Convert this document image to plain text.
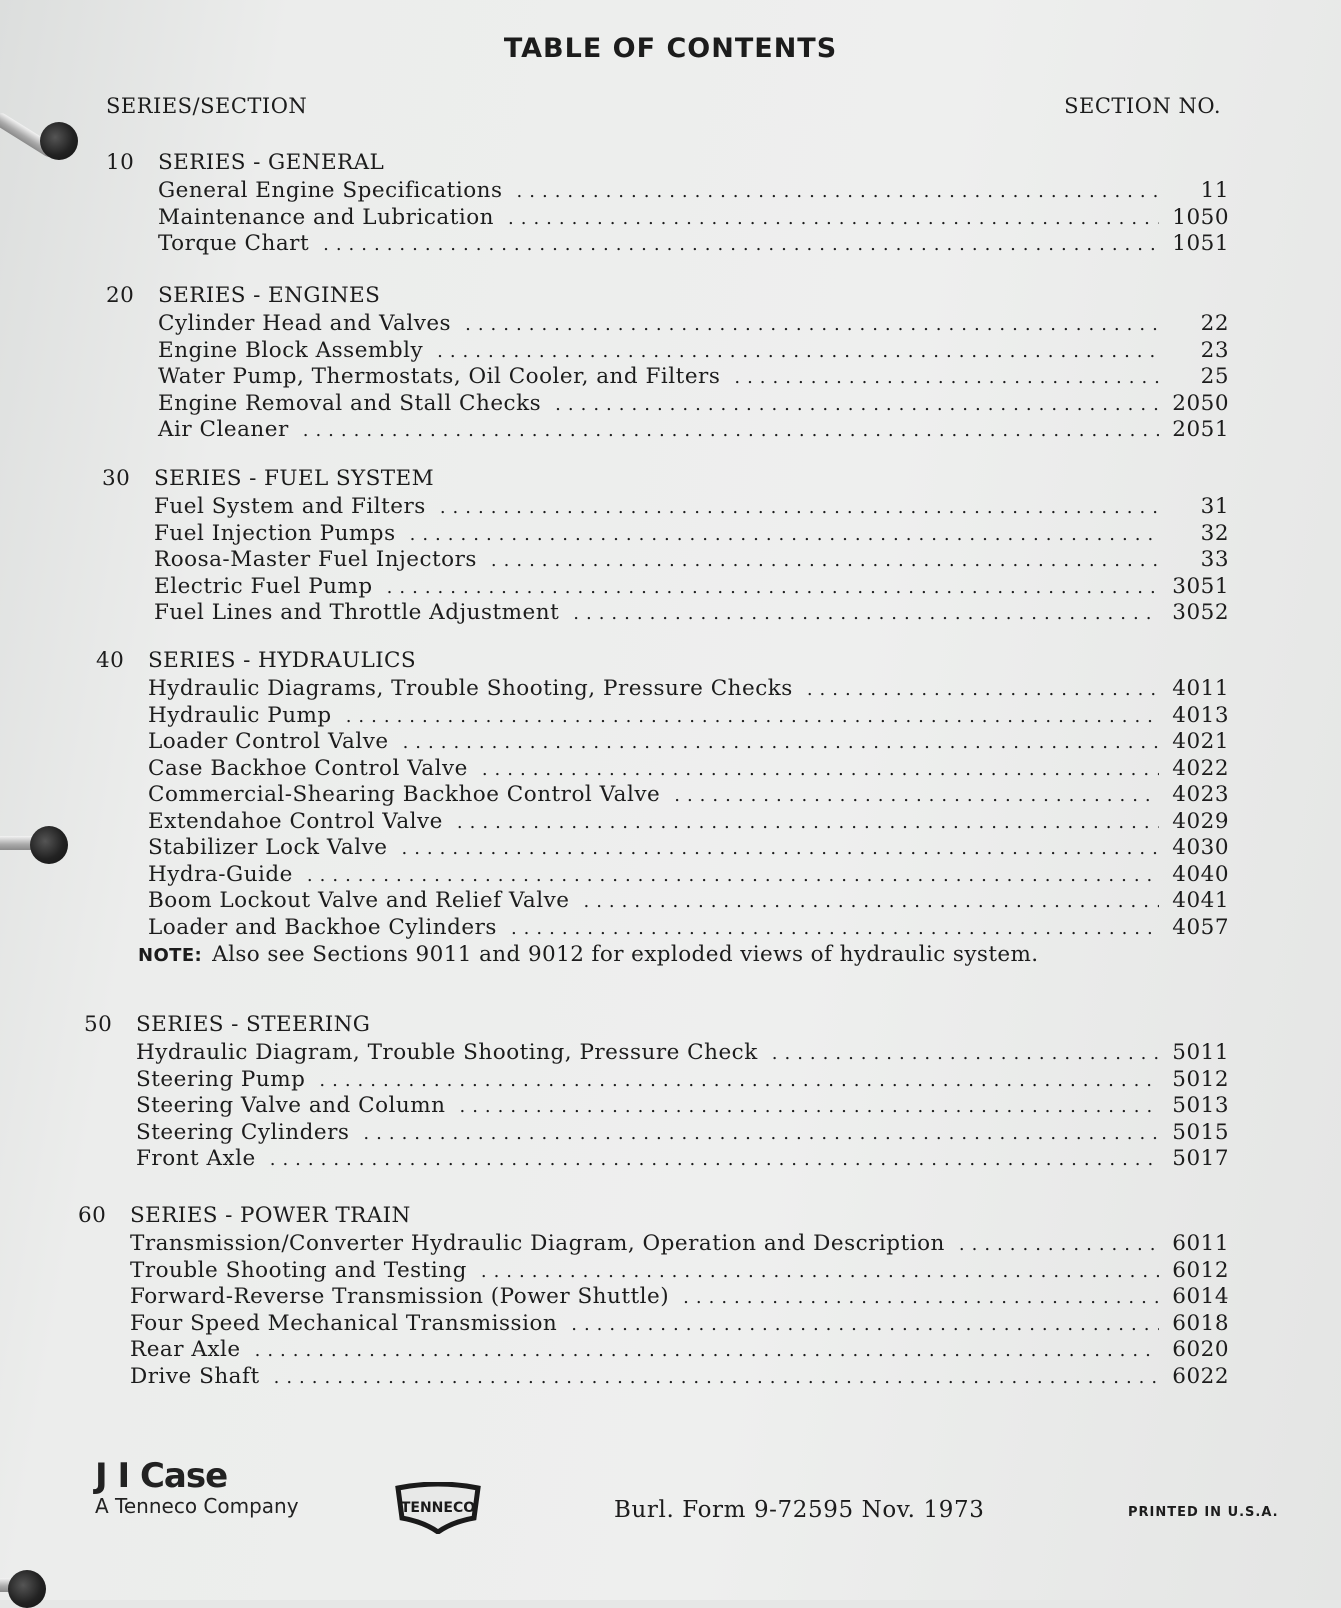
TABLE OF CONTENTS
SERIES/SECTION	SECTION NO.
10	SERIES - GENERAL
General Engine Specifications .....	11
Maintenance and Lubrication .....	1050
Torque Chart .....	1051
20	SERIES - ENGINES
Cylinder Head and Valves .....	22
Engine Block Assembly .....	23
Water Pump, Thermostats, Oil Cooler, and Filters .....	25
Engine Removal and Stall Checks .....	2050
Air Cleaner .....	2051
30	SERIES - FUEL SYSTEM
Fuel System and Filters .....	31
Fuel Injection Pumps .....	32
Roosa-Master Fuel Injectors .....	33
Electric Fuel Pump .....	3051
Fuel Lines and Throttle Adjustment .....	3052
40	SERIES - HYDRAULICS
Hydraulic Diagrams, Trouble Shooting, Pressure Checks .....	4011
Hydraulic Pump .....	4013
Loader Control Valve .....	4021
Case Backhoe Control Valve .....	4022
Commercial-Shearing Backhoe Control Valve .....	4023
Extendahoe Control Valve .....	4029
Stabilizer Lock Valve .....	4030
Hydra-Guide .....	4040
Boom Lockout Valve and Relief Valve .....	4041
Loader and Backhoe Cylinders .....	4057
NOTE: Also see Sections 9011 and 9012 for exploded views of hydraulic system.
50	SERIES - STEERING
Hydraulic Diagram, Trouble Shooting, Pressure Check .....	5011
Steering Pump .....	5012
Steering Valve and Column .....	5013
Steering Cylinders .....	5015
Front Axle .....	5017
60	SERIES - POWER TRAIN
Transmission/Converter Hydraulic Diagram, Operation and Description .....	6011
Trouble Shooting and Testing .....	6012
Forward-Reverse Transmission (Power Shuttle) .....	6014
Four Speed Mechanical Transmission .....	6018
Rear Axle .....	6020
Drive Shaft .....	6022
J I Case
A Tenneco Company	TENNECO	Burl. Form 9-72595 Nov. 1973	PRINTED IN U.S.A.
